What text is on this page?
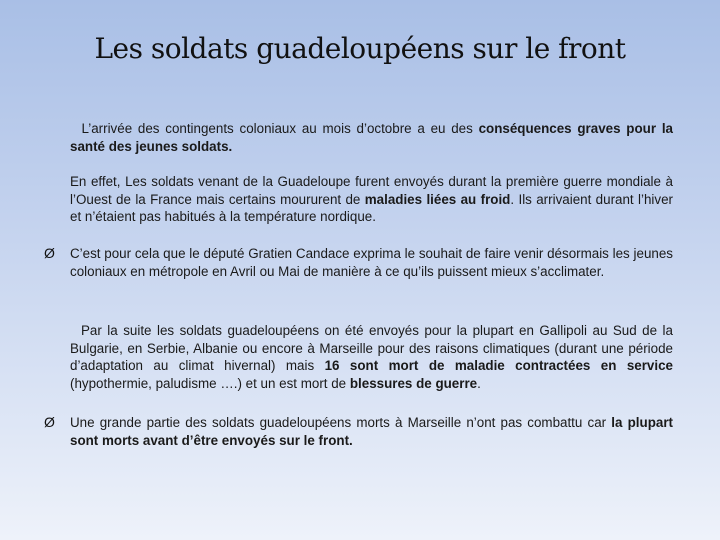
Les soldats guadeloupéens sur le front

L’arrivée des contingents coloniaux au mois d’octobre a eu des conséquences graves pour la santé des jeunes soldats.

En effet, Les soldats venant de la Guadeloupe furent envoyés durant la première guerre mondiale à l’Ouest de la France mais certains moururent de maladies liées au froid. Ils arrivaient durant l’hiver et n’étaient pas habitués à la température nordique.

Ø C’est pour cela que le député Gratien Candace exprima le souhait de faire venir désormais les jeunes coloniaux en métropole en Avril ou Mai de manière à ce qu’ils puissent mieux s’acclimater.

Par la suite les soldats guadeloupéens on été envoyés pour la plupart en Gallipoli au Sud de la Bulgarie, en Serbie, Albanie ou encore à Marseille pour des raisons climatiques (durant une période d’adaptation au climat hivernal) mais 16 sont mort de maladie contractées en service (hypothermie, paludisme ….) et un est mort de blessures de guerre.

Ø Une grande partie des soldats guadeloupéens morts à Marseille n’ont pas combattu car la plupart sont morts avant d’être envoyés sur le front.
